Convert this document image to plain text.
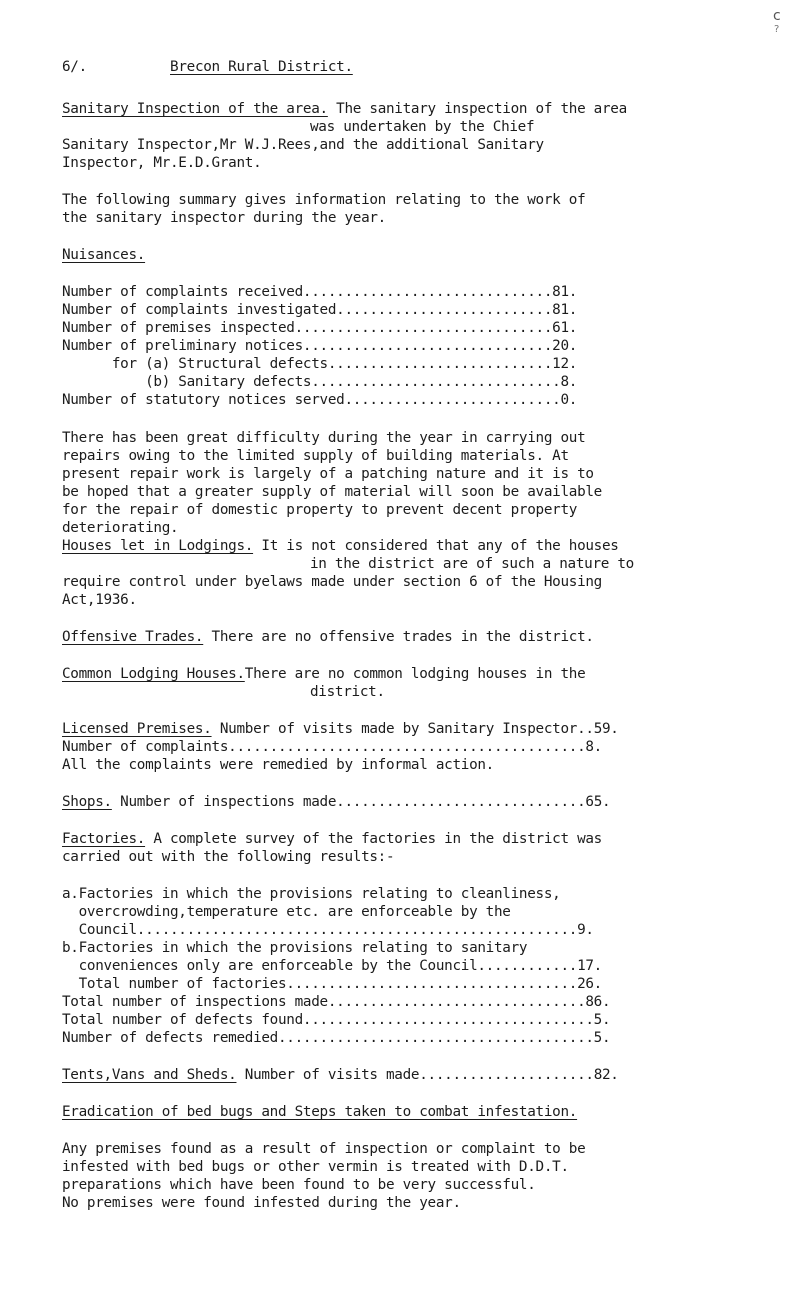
c
?
6/.	Brecon Rural District.
Sanitary Inspection of the area. The sanitary inspection of the area
was undertaken by the Chief
Sanitary Inspector,Mr W.J.Rees,and the additional Sanitary
Inspector, Mr.E.D.Grant.
The following summary gives information relating to the work of
the sanitary inspector during the year.
Nuisances.
Number of complaints received..............................81.
Number of complaints investigated..........................81.
Number of premises inspected...............................61.
Number of preliminary notices..............................20.
for (a) Structural defects...........................12.
(b) Sanitary defects..............................8.
Number of statutory notices served..........................0.
There has been great difficulty during the year in carrying out
repairs owing to the limited supply of building materials. At
present repair work is largely of a patching nature and it is to
be hoped that a greater supply of material will soon be available
for the repair of domestic property to prevent decent property
deteriorating.
Houses let in Lodgings. It is not considered that any of the houses
in the district are of such a nature to
require control under byelaws made under section 6 of the Housing
Act,1936.
Offensive Trades. There are no offensive trades in the district.
Common Lodging Houses.There are no common lodging houses in the
district.
Licensed Premises. Number of visits made by Sanitary Inspector..59.
Number of complaints...........................................8.
All the complaints were remedied by informal action.
Shops. Number of inspections made..............................65.
Factories. A complete survey of the factories in the district was
carried out with the following results:-
a.Factories in which the provisions relating to cleanliness,
overcrowding,temperature etc. are enforceable by the
Council.....................................................9.
b.Factories in which the provisions relating to sanitary
conveniences only are enforceable by the Council............17.
Total number of factories...................................26.
Total number of inspections made...............................86.
Total number of defects found...................................5.
Number of defects remedied......................................5.
Tents,Vans and Sheds. Number of visits made.....................82.
Eradication of bed bugs and Steps taken to combat infestation.
Any premises found as a result of inspection or complaint to be
infested with bed bugs or other vermin is treated with D.D.T.
preparations which have been found to be very successful.
No premises were found infested during the year.
